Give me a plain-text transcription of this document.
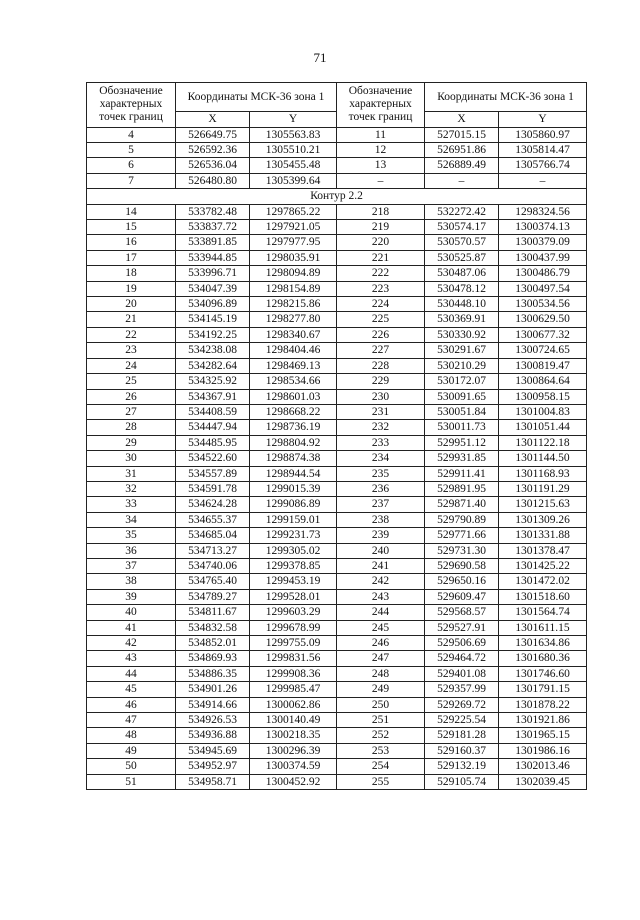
71
Обозначение характерных точек границ	Координаты МСК-36 зона 1		Обозначение характерных точек границ	Координаты МСК-36 зона 1	
	X	Y		X	Y
4	526649.75	1305563.83	11	527015.15	1305860.97
5	526592.36	1305510.21	12	526951.86	1305814.47
6	526536.04	1305455.48	13	526889.49	1305766.74
7	526480.80	1305399.64	–	–	–
Контур 2.2					
14	533782.48	1297865.22	218	532272.42	1298324.56
15	533837.72	1297921.05	219	530574.17	1300374.13
16	533891.85	1297977.95	220	530570.57	1300379.09
17	533944.85	1298035.91	221	530525.87	1300437.99
18	533996.71	1298094.89	222	530487.06	1300486.79
19	534047.39	1298154.89	223	530478.12	1300497.54
20	534096.89	1298215.86	224	530448.10	1300534.56
21	534145.19	1298277.80	225	530369.91	1300629.50
22	534192.25	1298340.67	226	530330.92	1300677.32
23	534238.08	1298404.46	227	530291.67	1300724.65
24	534282.64	1298469.13	228	530210.29	1300819.47
25	534325.92	1298534.66	229	530172.07	1300864.64
26	534367.91	1298601.03	230	530091.65	1300958.15
27	534408.59	1298668.22	231	530051.84	1301004.83
28	534447.94	1298736.19	232	530011.73	1301051.44
29	534485.95	1298804.92	233	529951.12	1301122.18
30	534522.60	1298874.38	234	529931.85	1301144.50
31	534557.89	1298944.54	235	529911.41	1301168.93
32	534591.78	1299015.39	236	529891.95	1301191.29
33	534624.28	1299086.89	237	529871.40	1301215.63
34	534655.37	1299159.01	238	529790.89	1301309.26
35	534685.04	1299231.73	239	529771.66	1301331.88
36	534713.27	1299305.02	240	529731.30	1301378.47
37	534740.06	1299378.85	241	529690.58	1301425.22
38	534765.40	1299453.19	242	529650.16	1301472.02
39	534789.27	1299528.01	243	529609.47	1301518.60
40	534811.67	1299603.29	244	529568.57	1301564.74
41	534832.58	1299678.99	245	529527.91	1301611.15
42	534852.01	1299755.09	246	529506.69	1301634.86
43	534869.93	1299831.56	247	529464.72	1301680.36
44	534886.35	1299908.36	248	529401.08	1301746.60
45	534901.26	1299985.47	249	529357.99	1301791.15
46	534914.66	1300062.86	250	529269.72	1301878.22
47	534926.53	1300140.49	251	529225.54	1301921.86
48	534936.88	1300218.35	252	529181.28	1301965.15
49	534945.69	1300296.39	253	529160.37	1301986.16
50	534952.97	1300374.59	254	529132.19	1302013.46
51	534958.71	1300452.92	255	529105.74	1302039.45
